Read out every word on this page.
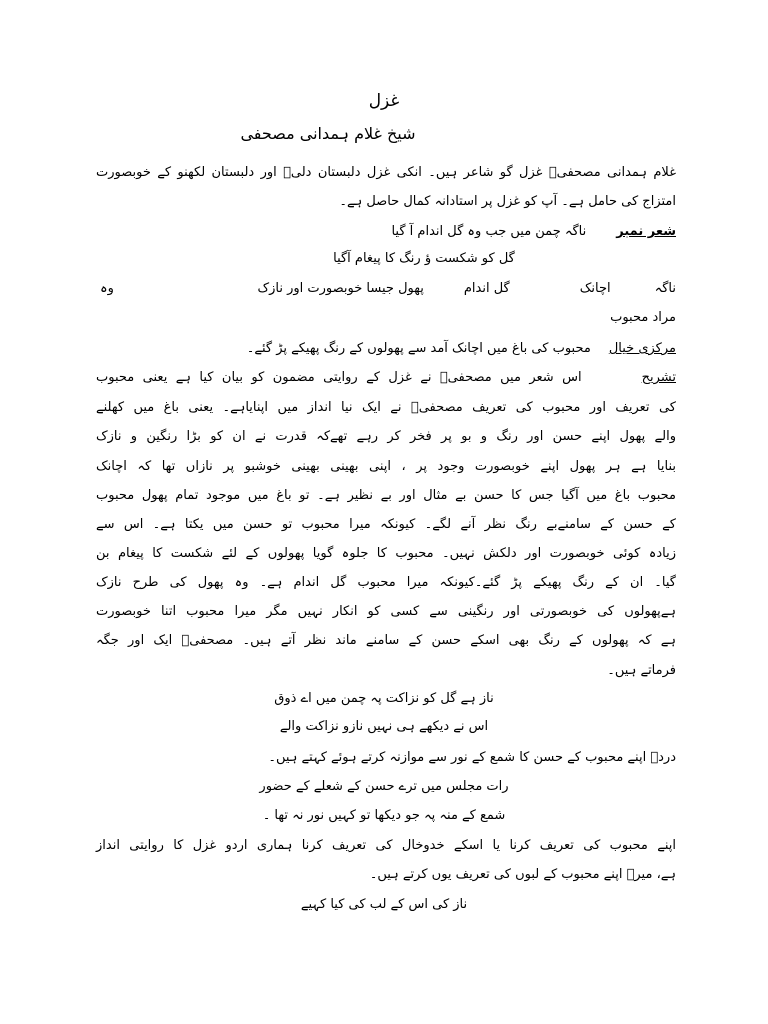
غزل
شیخ غلام ہمدانی مصحفی
غلام ہمدانی مصحفیؔ غزل گو شاعر ہیں۔ انکی غزل دلبستان دلیؔ اور دلبستان لکھنو کے خوبصورت
امتزاج کی حامل ہے۔ آپ کو غزل پر استادانہ کمال حاصل ہے۔
شعر نمبرناگہ چمن میں جب وہ گل اندام آ گیا
گل کو شکست ؤ رنگ کا پیغام آگیا
ناگہاچانکگل اندامپھول جیسا خوبصورت اور نازک
وہ
مراد محبوب
مرکزی خیالمحبوب کی باغ میں اچانک آمد سے پھولوں کے رنگ پھیکے پڑ گئے۔
تشریحاس شعر میں مصحفیؔ نے غزل کے روایتی مضمون کو بیان کیا ہے یعنی محبوب
کی تعریف اور محبوب کی تعریف مصحفیؔ نے ایک نیا انداز میں اپنایاہے۔ یعنی باغ میں کھلنے
والے پھول اپنے حسن اور رنگ و بو پر فخر کر رہے تھےکہ قدرت نے ان کو بڑا رنگین و نازک
بنایا ہے ہر پھول اپنے خوبصورت وجود پر ، اپنی بھینی بھینی خوشبو پر نازاں تھا کہ اچانک
محبوب باغ میں آگیا جس کا حسن بے مثال اور بے نظیر ہے۔ تو باغ میں موجود تمام پھول محبوب
کے حسن کے سامنےبے رنگ نظر آنے لگے۔ کیونکہ میرا محبوب تو حسن میں یکتا ہے۔ اس سے
زیادہ کوئی خوبصورت اور دلکش نہیں۔ محبوب کا جلوہ گویا پھولوں کے لئے شکست کا پیغام بن
گیا۔ ان کے رنگ پھیکے پڑ گئے۔کیونکہ میرا محبوب گل اندام ہے۔ وہ پھول کی طرح نازک
ہےپھولوں کی خوبصورتی اور رنگینی سے کسی کو انکار نہیں مگر میرا محبوب اتنا خوبصورت
ہے کہ پھولوں کے رنگ بھی اسکے حسن کے سامنے ماند نظر آتے ہیں۔ مصحفیؔ ایک اور جگہ
فرماتے ہیں۔
ناز ہے گل کو نزاکت پہ چمن میں اے ذوق
اس نے دیکھے ہی نہیں نازو نزاکت والے
دردؔ اپنے محبوب کے حسن کا شمع کے نور سے موازنہ کرتے ہوئے کہتے ہیں۔
رات مجلس میں ترے حسن کے شعلے کے حضور
شمع کے منہ پہ جو دیکھا تو کہیں نور نہ تھا ۔
اپنے محبوب کی تعریف کرنا یا اسکے خدوخال کی تعریف کرنا ہماری اردو غزل کا روایتی انداز
ہے، میرؔ اپنے محبوب کے لبوں کی تعریف یوں کرتے ہیں۔
ناز کی اس کے لب کی کیا کہیے
